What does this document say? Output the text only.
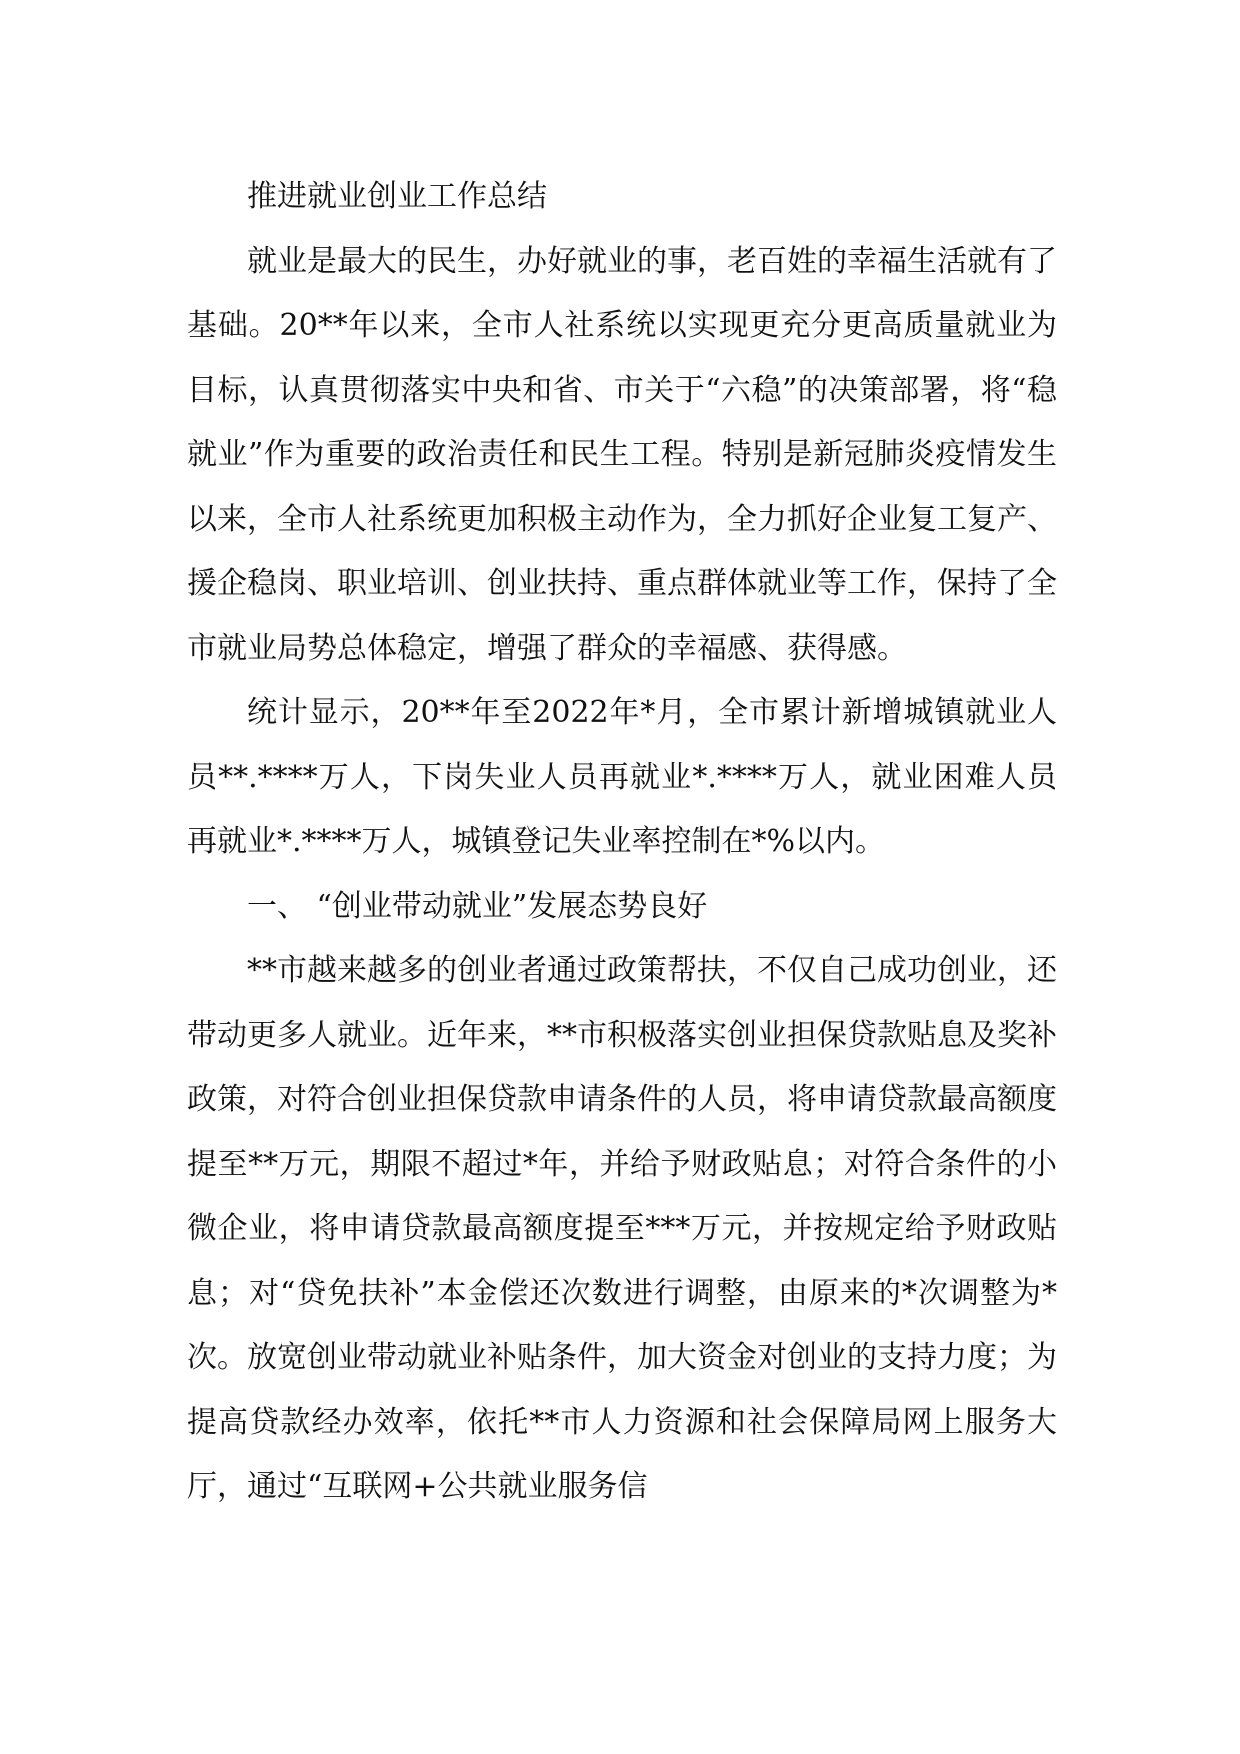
推进就业创业工作总结

就业是最大的民生，办好就业的事，老百姓的幸福生活就有了基础。20**年以来，全市人社系统以实现更充分更高质量就业为目标，认真贯彻落实中央和省、市关于“六稳”的决策部署，将“稳就业”作为重要的政治责任和民生工程。特别是新冠肺炎疫情发生以来，全市人社系统更加积极主动作为，全力抓好企业复工复产、援企稳岗、职业培训、创业扶持、重点群体就业等工作，保持了全市就业局势总体稳定，增强了群众的幸福感、获得感。

统计显示，20**年至2022年*月，全市累计新增城镇就业人员**.****万人，下岗失业人员再就业*.****万人，就业困难人员再就业*.****万人，城镇登记失业率控制在*%以内。

一、 “创业带动就业”发展态势良好

**市越来越多的创业者通过政策帮扶，不仅自己成功创业，还带动更多人就业。近年来，**市积极落实创业担保贷款贴息及奖补政策，对符合创业担保贷款申请条件的人员，将申请贷款最高额度提至**万元，期限不超过*年，并给予财政贴息；对符合条件的小微企业，将申请贷款最高额度提至***万元，并按规定给予财政贴息；对“贷免扶补”本金偿还次数进行调整，由原来的*次调整为*次。放宽创业带动就业补贴条件，加大资金对创业的支持力度；为提高贷款经办效率，依托**市人力资源和社会保障局网上服务大厅，通过“互联网+公共就业服务信
